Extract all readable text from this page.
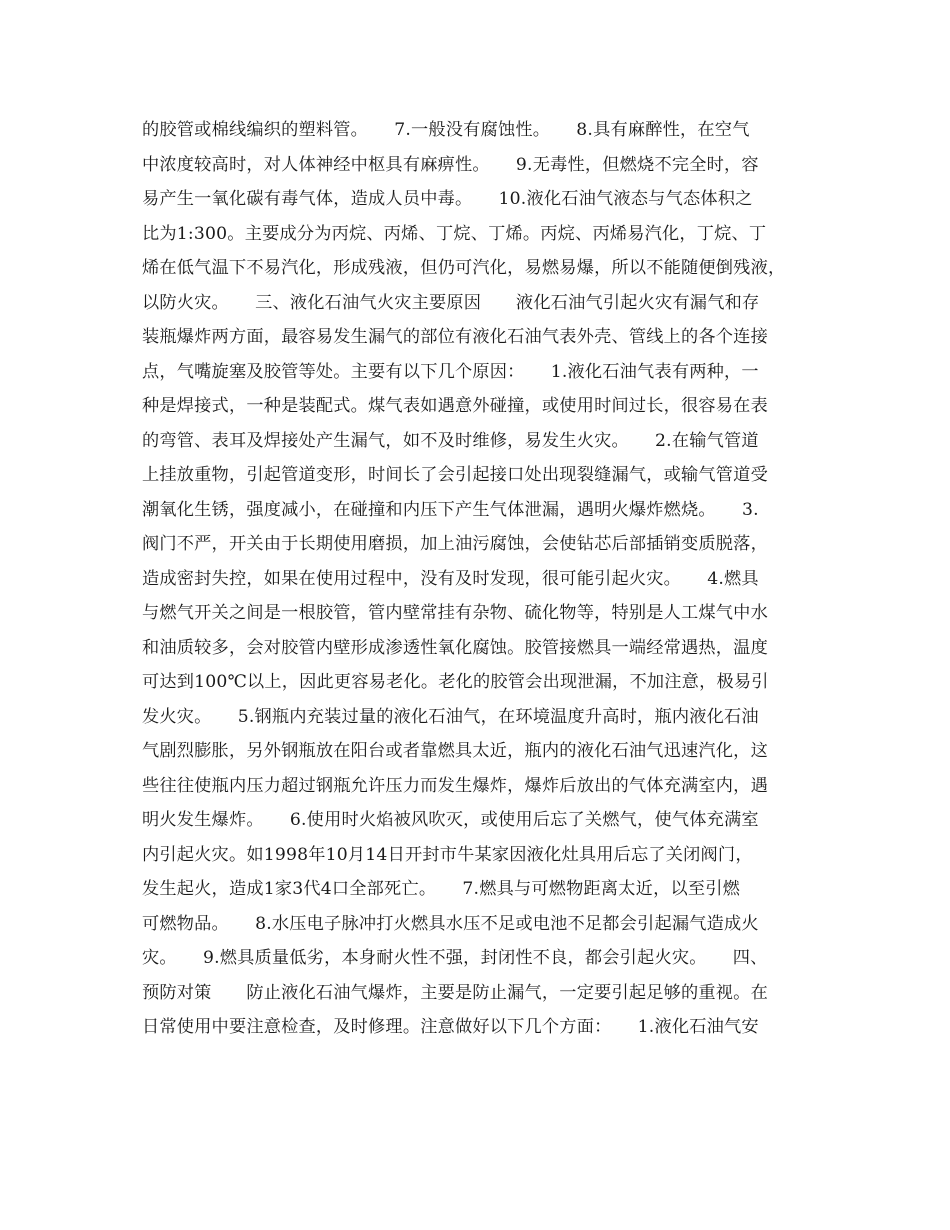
的胶管或棉线编织的塑料管。　　7.一般没有腐蚀性。　　8.具有麻醉性，在空气
中浓度较高时，对人体神经中枢具有麻痹性。　　9.无毒性，但燃烧不完全时，容
易产生一氧化碳有毒气体，造成人员中毒。　　10.液化石油气液态与气态体积之
比为1:300。主要成分为丙烷、丙烯、丁烷、丁烯。丙烷、丙烯易汽化，丁烷、丁
烯在低气温下不易汽化，形成残液，但仍可汽化，易燃易爆，所以不能随便倒残液，
以防火灾。　　三、液化石油气火灾主要原因　　液化石油气引起火灾有漏气和存
装瓶爆炸两方面，最容易发生漏气的部位有液化石油气表外壳、管线上的各个连接
点，气嘴旋塞及胶管等处。主要有以下几个原因：　　1.液化石油气表有两种，一
种是焊接式，一种是装配式。煤气表如遇意外碰撞，或使用时间过长，很容易在表
的弯管、表耳及焊接处产生漏气，如不及时维修，易发生火灾。　　2.在输气管道
上挂放重物，引起管道变形，时间长了会引起接口处出现裂缝漏气，或输气管道受
潮氧化生锈，强度减小，在碰撞和内压下产生气体泄漏，遇明火爆炸燃烧。　　3.
阀门不严，开关由于长期使用磨损，加上油污腐蚀，会使钻芯后部插销变质脱落，
造成密封失控，如果在使用过程中，没有及时发现，很可能引起火灾。　　4.燃具
与燃气开关之间是一根胶管，管内壁常挂有杂物、硫化物等，特别是人工煤气中水
和油质较多，会对胶管内壁形成渗透性氧化腐蚀。胶管接燃具一端经常遇热，温度
可达到100℃以上，因此更容易老化。老化的胶管会出现泄漏，不加注意，极易引
发火灾。　　5.钢瓶内充装过量的液化石油气，在环境温度升高时，瓶内液化石油
气剧烈膨胀，另外钢瓶放在阳台或者靠燃具太近，瓶内的液化石油气迅速汽化，这
些往往使瓶内压力超过钢瓶允许压力而发生爆炸，爆炸后放出的气体充满室内，遇
明火发生爆炸。　　6.使用时火焰被风吹灭，或使用后忘了关燃气，使气体充满室
内引起火灾。如1998年10月14日开封市牛某家因液化灶具用后忘了关闭阀门，
发生起火，造成1家3代4口全部死亡。　　7.燃具与可燃物距离太近，以至引燃
可燃物品。　　8.水压电子脉冲打火燃具水压不足或电池不足都会引起漏气造成火
灾。　　9.燃具质量低劣，本身耐火性不强，封闭性不良，都会引起火灾。　　四、
预防对策　　防止液化石油气爆炸，主要是防止漏气，一定要引起足够的重视。在
日常使用中要注意检查，及时修理。注意做好以下几个方面：　　1.液化石油气安
